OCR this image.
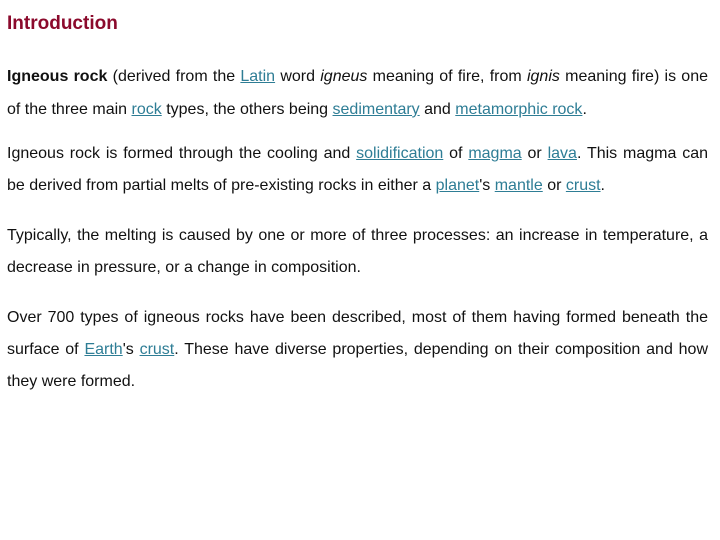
Introduction

Igneous rock (derived from the Latin word igneus meaning of fire, from ignis meaning fire) is one of the three main rock types, the others being sedimentary and metamorphic rock.

Igneous rock is formed through the cooling and solidification of magma or lava. This magma can be derived from partial melts of pre-existing rocks in either a planet's mantle or crust.

Typically, the melting is caused by one or more of three processes: an increase in temperature, a decrease in pressure, or a change in composition.

Over 700 types of igneous rocks have been described, most of them having formed beneath the surface of Earth's crust. These have diverse properties, depending on their composition and how they were formed.
